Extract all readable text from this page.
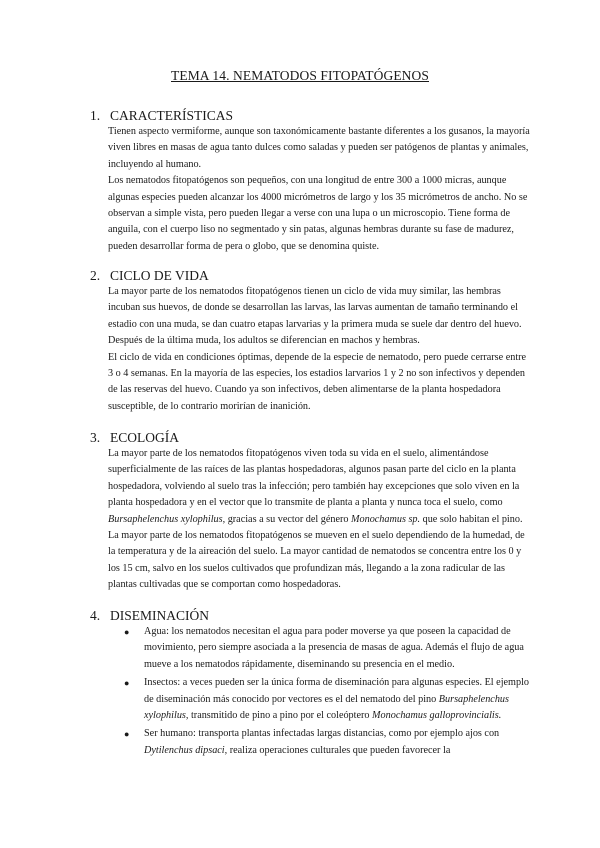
TEMA 14. NEMATODOS FITOPATÓGENOS
1. CARACTERÍSTICAS

Tienen aspecto vermiforme, aunque son taxonómicamente bastante diferentes a los gusanos, la mayoría viven libres en masas de agua tanto dulces como saladas y pueden ser patógenos de plantas y animales, incluyendo al humano.

Los nematodos fitopatógenos son pequeños, con una longitud de entre 300 a 1000 micras, aunque algunas especies pueden alcanzar los 4000 micrómetros de largo y los 35 micrómetros de ancho. No se observan a simple vista, pero pueden llegar a verse con una lupa o un microscopio. Tiene forma de anguila, con el cuerpo liso no segmentado y sin patas, algunas hembras durante su fase de madurez, pueden desarrollar forma de pera o globo, que se denomina quiste.

2. CICLO DE VIDA

La mayor parte de los nematodos fitopatógenos tienen un ciclo de vida muy similar, las hembras incuban sus huevos, de donde se desarrollan las larvas, las larvas aumentan de tamaño terminando el estadio con una muda, se dan cuatro etapas larvarias y la primera muda se suele dar dentro del huevo. Después de la última muda, los adultos se diferencian en machos y hembras.

El ciclo de vida en condiciones óptimas, depende de la especie de nematodo, pero puede cerrarse entre 3 o 4 semanas. En la mayoría de las especies, los estadios larvarios 1 y 2 no son infectivos y dependen de las reservas del huevo. Cuando ya son infectivos, deben alimentarse de la planta hospedadora susceptible, de lo contrario morirían de inanición.

3. ECOLOGÍA

La mayor parte de los nematodos fitopatógenos viven toda su vida en el suelo, alimentándose superficialmente de las raíces de las plantas hospedadoras, algunos pasan parte del ciclo en la planta hospedadora, volviendo al suelo tras la infección; pero también hay excepciones que solo viven en la planta hospedadora y en el vector que lo transmite de planta a planta y nunca toca el suelo, como Bursaphelenchus xylophilus, gracias a su vector del género Monochamus sp. que solo habitan el pino.

La mayor parte de los nematodos fitopatógenos se mueven en el suelo dependiendo de la humedad, de la temperatura y de la aireación del suelo. La mayor cantidad de nematodos se concentra entre los 0 y los 15 cm, salvo en los suelos cultivados que profundizan más, llegando a la zona radicular de las plantas cultivadas que se comportan como hospedadoras.

4. DISEMINACIÓN
● Agua: los nematodos necesitan el agua para poder moverse ya que poseen la capacidad de movimiento, pero siempre asociada a la presencia de masas de agua. Además el flujo de agua mueve a los nematodos rápidamente, diseminando su presencia en el medio.
● Insectos: a veces pueden ser la única forma de diseminación para algunas especies. El ejemplo de diseminación más conocido por vectores es el del nematodo del pino Bursaphelenchus xylophilus, transmitido de pino a pino por el coleóptero Monochamus galloprovincialis.
● Ser humano: transporta plantas infectadas largas distancias, como por ejemplo ajos con Dytilenchus dipsaci, realiza operaciones culturales que pueden favorecer la
